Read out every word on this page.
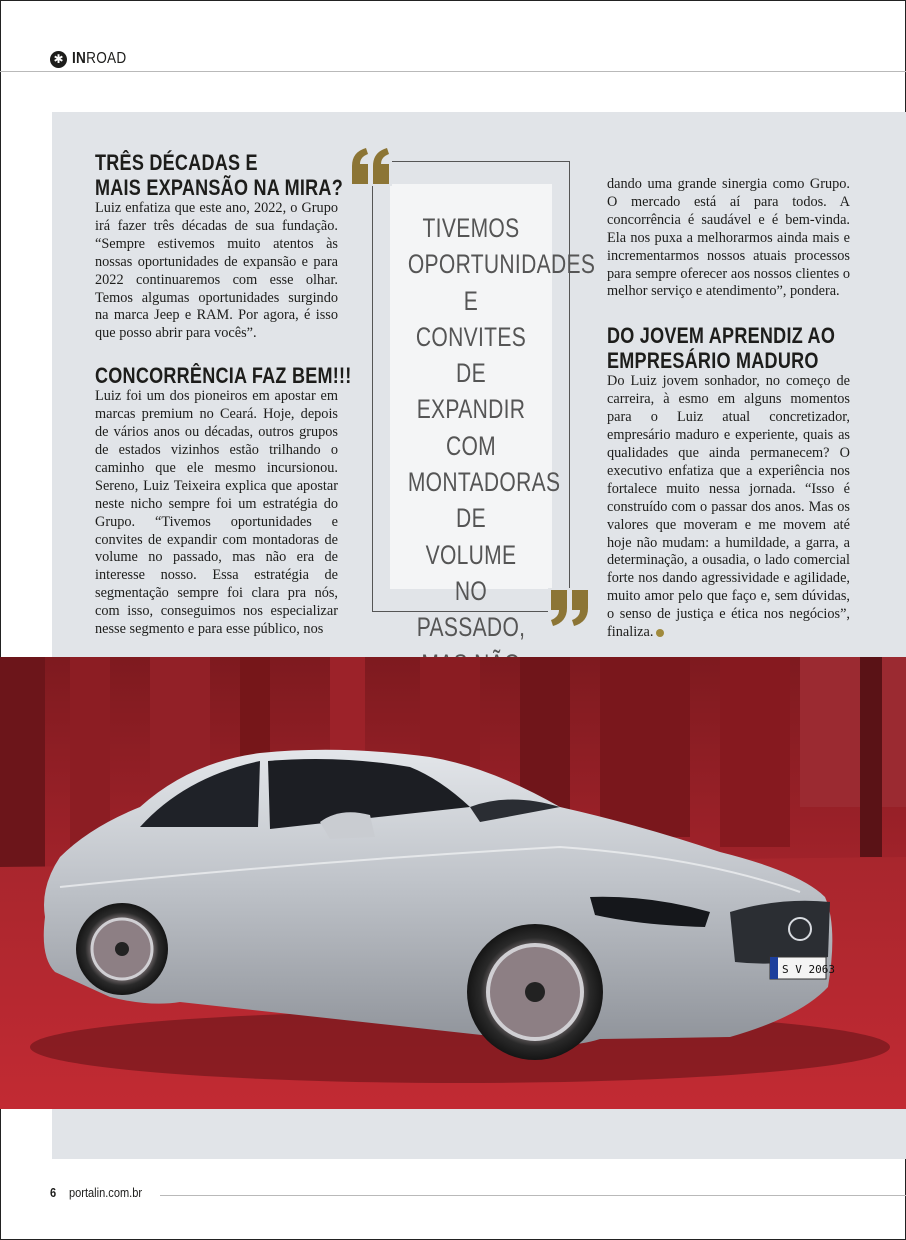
✱ IN ROAD
TRÊS DÉCADAS E
MAIS EXPANSÃO NA MIRA?

Luiz enfatiza que este ano, 2022, o Grupo irá fazer três décadas de sua fundação. “Sempre estivemos muito atentos às nossas oportunidades de expansão e para 2022 continuaremos com esse olhar. Temos algumas oportunidades surgindo na marca Jeep e RAM. Por agora, é isso que posso abrir para vocês”.

CONCORRÊNCIA FAZ BEM!!!

Luiz foi um dos pioneiros em apostar em marcas premium no Ceará. Hoje, depois de vários anos ou décadas, outros grupos de estados vizinhos estão trilhando o caminho que ele mesmo incursionou. Sereno, Luiz Teixeira explica que apostar neste nicho sempre foi um estratégia do Grupo. “Tivemos oportunidades e convites de expandir com montadoras de volume no passado, mas não era de interesse nosso. Essa estratégia de segmentação sempre foi clara pra nós, com isso, conseguimos nos especializar nesse segmento e para esse público, nos

TIVEMOS
OPORTUNIDADES
E CONVITES DE
EXPANDIR COM
MONTADORAS
DE VOLUME
NO PASSADO,

dando uma grande sinergia como Grupo. O mercado está aí para todos. A concorrência é saudável e é bem-vinda. Ela nos puxa a melhorarmos ainda mais e incrementarmos nossos atuais processos para sempre oferecer aos nossos clientes o melhor serviço e atendimento”, pondera.

DO JOVEM APRENDIZ AO
EMPRESÁRIO MADURO

Do Luiz jovem sonhador, no começo de carreira, à esmo em alguns momentos para o Luiz atual concretizador, empresário maduro e experiente, quais as qualidades que ainda permanecem? O executivo enfatiza que a experiência nos fortalece muito nessa jornada. “Isso é construído com o passar dos anos. Mas os valores que moveram e me movem até hoje não mudam: a humildade, a garra, a determinação, a ousadia, o lado comercial forte nos dando agressividade e agilidade, muito amor pelo que faço e, sem dúvidas, o senso de justiça e ética nos negócios”, finaliza.

S V 2063
6 portalin.com.br
